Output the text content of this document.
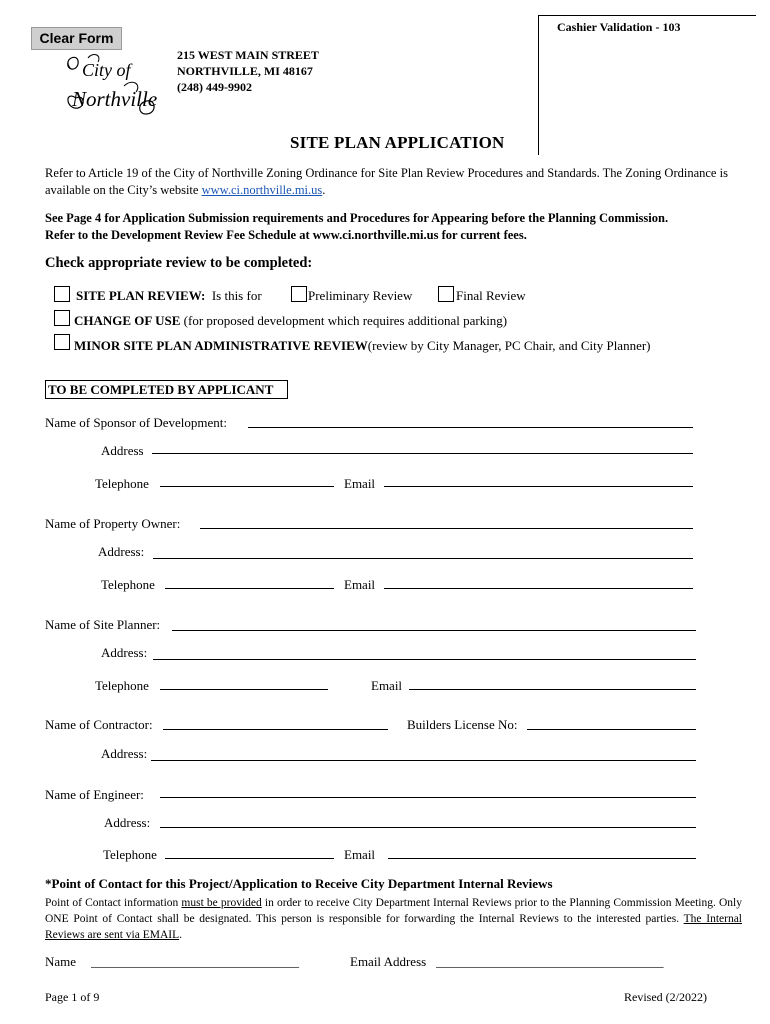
Clear Form
City of
Northville
215 WEST MAIN STREET
NORTHVILLE, MI 48167
(248) 449-9902
Cashier Validation - 103
SITE PLAN APPLICATION
Refer to Article 19 of the City of Northville Zoning Ordinance for Site Plan Review Procedures and Standards. The Zoning Ordinance is available on the City’s website www.ci.northville.mi.us.
See Page 4 for Application Submission requirements and Procedures for Appearing before the Planning Commission.
Refer to the Development Review Fee Schedule at www.ci.northville.mi.us for current fees.
Check appropriate review to be completed:
SITE PLAN REVIEW: Is this for	Preliminary Review	Final Review
CHANGE OF USE (for proposed development which requires additional parking)
MINOR SITE PLAN ADMINISTRATIVE REVIEW(review by City Manager, PC Chair, and City Planner)
TO BE COMPLETED BY APPLICANT
Name of Sponsor of Development:
Address
Telephone	Email
Name of Property Owner:
Address:
Telephone	Email
Name of Site Planner:
Address:
Telephone	Email
Name of Contractor:	Builders License No:
Address:
Name of Engineer:
Address:
Telephone	Email
*Point of Contact for this Project/Application to Receive City Department Internal Reviews
Point of Contact information must be provided in order to receive City Department Internal Reviews prior to the Planning Commission Meeting. Only ONE Point of Contact shall be designated. This person is responsible for forwarding the Internal Reviews to the interested parties. The Internal Reviews are sent via EMAIL.
Name ________________________________	Email Address ___________________________________
Page 1 of 9	Revised (2/2022)
